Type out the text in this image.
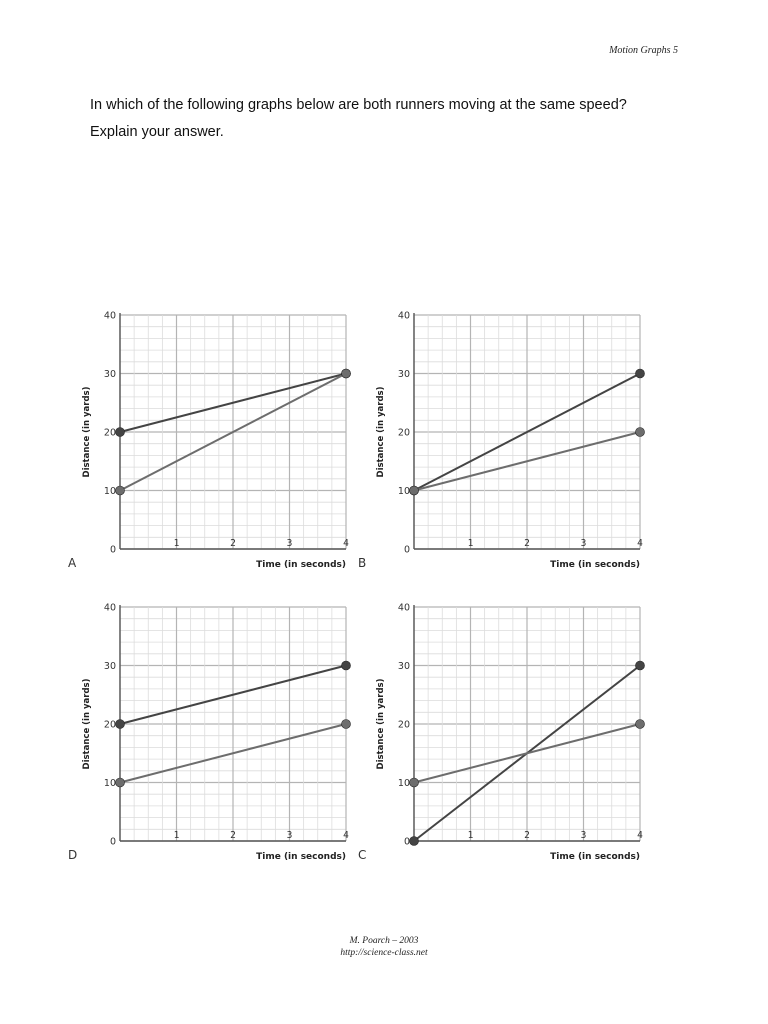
Motion Graphs 5

In which of the following graphs below are both runners moving at the same speed?

Explain your answer.

0
10
20
30
40
1	2	3	4
Distance (in yards)
Time (in seconds)
A
0
10
20
30
40
1	2	3	4
Distance (in yards)
Time (in seconds)
B
0
10
20
30
40
1	2	3	4
Distance (in yards)
Time (in seconds)
D
0
10
20
30
40
1	2	3	4
Distance (in yards)
Time (in seconds)
C
M. Poarch – 2003
http://science-class.net
